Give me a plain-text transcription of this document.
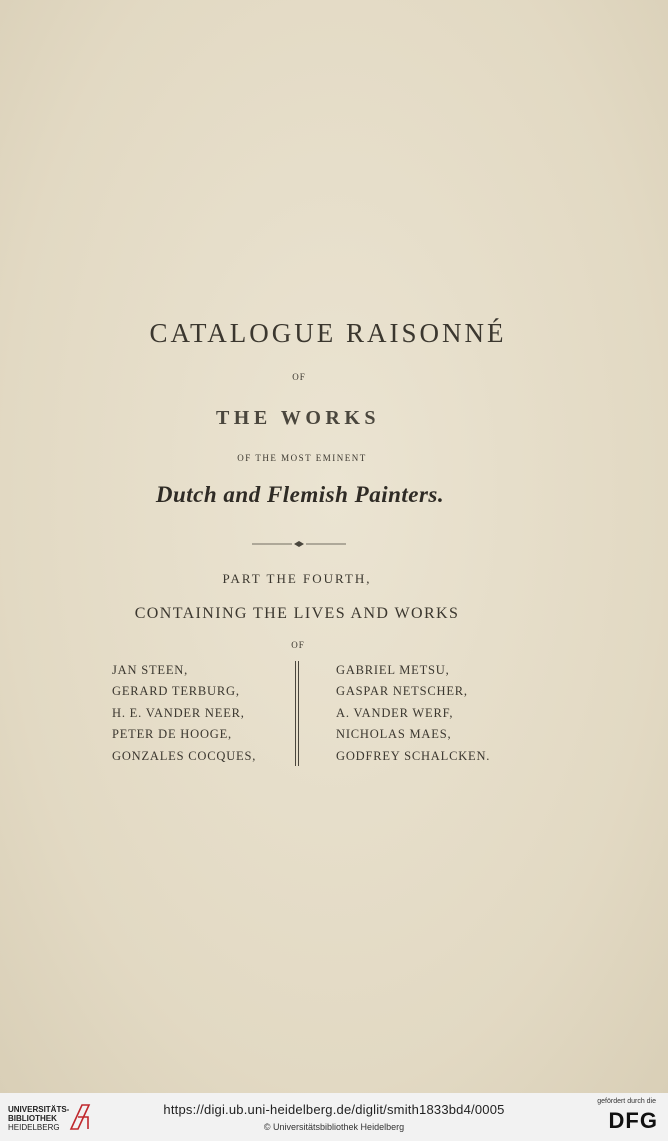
CATALOGUE RAISONNÉ
OF
THE WORKS
OF THE MOST EMINENT
Dutch and Flemish Painters.
PART THE FOURTH,
CONTAINING THE LIVES AND WORKS
OF
JAN STEEN,
GERARD TERBURG,
H. E. VANDER NEER,
PETER DE HOOGE,
GONZALES COCQUES,
GABRIEL METSU,
GASPAR NETSCHER,
A. VANDER WERF,
NICHOLAS MAES,
GODFREY SCHALCKEN.
UNIVERSITÄTS-
BIBLIOTHEK
HEIDELBERG
https://digi.ub.uni-heidelberg.de/diglit/smith1833bd4/0005
© Universitätsbibliothek Heidelberg
gefördert durch die
DFG
